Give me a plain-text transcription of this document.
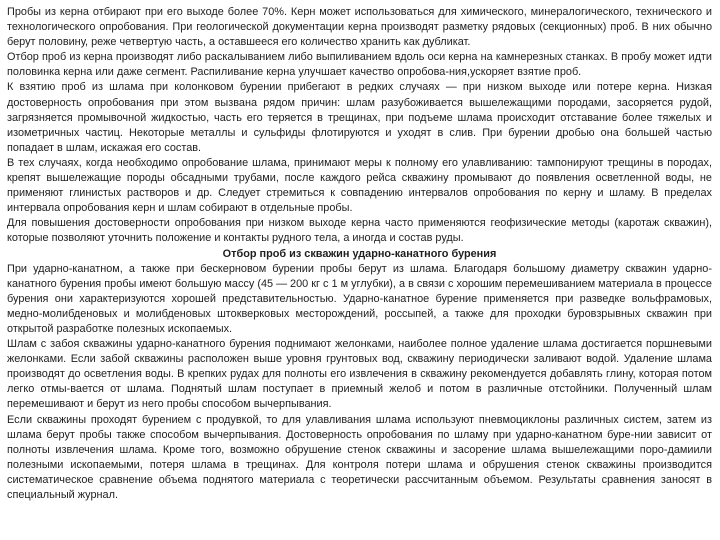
Пробы из керна отбирают при его выходе более 70%. Керн может использоваться для химического, минералогического, технического и технологического опробования. При геологической документации керна производят разметку рядовых (секционных) проб. В них обычно берут половину, реже четвертую часть, а оставшееся его количество хранить как дубликат.

Отбор проб из керна производят либо раскалыванием либо выпиливанием вдоль оси керна на камнерезных станках. В пробу может идти половинка керна или даже сегмент. Распиливание керна улучшает качество опробова-ния,ускоряет взятие проб.

К взятию проб из шлама при колонковом бурении прибегают в редких случаях — при низком выходе или потере керна. Низкая достоверность опробования при этом вызвана рядом причин: шлам разубоживается вышележащими породами, засоряется рудой, загрязняется промывочной жидкостью, часть его теряется в трещинах, при подъеме шлама происходит отставание более тяжелых и изометричных частиц. Некоторые металлы и сульфиды флотируются и уходят в слив. При бурении дробью она большей частью попадает в шлам, искажая его состав.

В тех случаях, когда необходимо опробование шлама, принимают меры к полному его улавливанию: тампонируют трещины в породах, крепят вышележащие породы обсадными трубами, после каждого рейса скважину промывают до появления осветленной воды, не применяют глинистых растворов и др. Следует стремиться к совпадению интервалов опробования по керну и шламу. В пределах интервала опробования керн и шлам собирают в отдельные пробы.

Для повышения достоверности опробования при низком выходе керна часто применяются геофизические методы (каротаж скважин), которые позволяют уточнить положение и контакты рудного тела, а иногда и состав руды.

Отбор проб из скважин ударно-канатного бурения

При ударно-канатном, а также при бескерновом бурении пробы берут из шлама. Благодаря большому диаметру скважин ударно-канатного бурения пробы имеют большую массу (45 — 200 кг с 1 м углубки), а в связи с хорошим перемешиванием материала в процессе бурения они характеризуются хорошей представительностью. Ударно-канатное бурение применяется при разведке вольфрамовых, медно-молибденовых и молибденовых штокверковых месторождений, россыпей, а также для проходки буровзрывных скважин при открытой разработке полезных ископаемых.

Шлам с забоя скважины ударно-канатного бурения поднимают желонками, наиболее полное удаление шлама достигается поршневыми желонками. Если забой скважины расположен выше уровня грунтовых вод, скважину периодически заливают водой. Удаление шлама производят до осветления воды. В крепких рудах для полноты его извлечения в скважину рекомендуется добавлять глину, которая потом легко отмы-вается от шлама. Поднятый шлам поступает в приемный желоб и потом в различные отстойники. Полученный шлам перемешивают и берут из него пробы способом вычерпывания.

Если скважины проходят бурением с продувкой, то для улавливания шлама используют пневмоциклоны различных систем, затем из шлама берут пробы также способом вычерпывания. Достоверность опробования по шламу при ударно-канатном буре-нии зависит от полноты извлечения шлама. Кроме того, возможно обрушение стенок скважины и засорение шлама вышележащими поро-дамиили полезными ископаемыми, потеря шлама в трещинах. Для контроля потери шлама и обрушения стенок скважины производится систематическое сравнение объема поднятого материала с теоретически рассчитанным объемом. Результаты сравнения заносят в специальный журнал.
